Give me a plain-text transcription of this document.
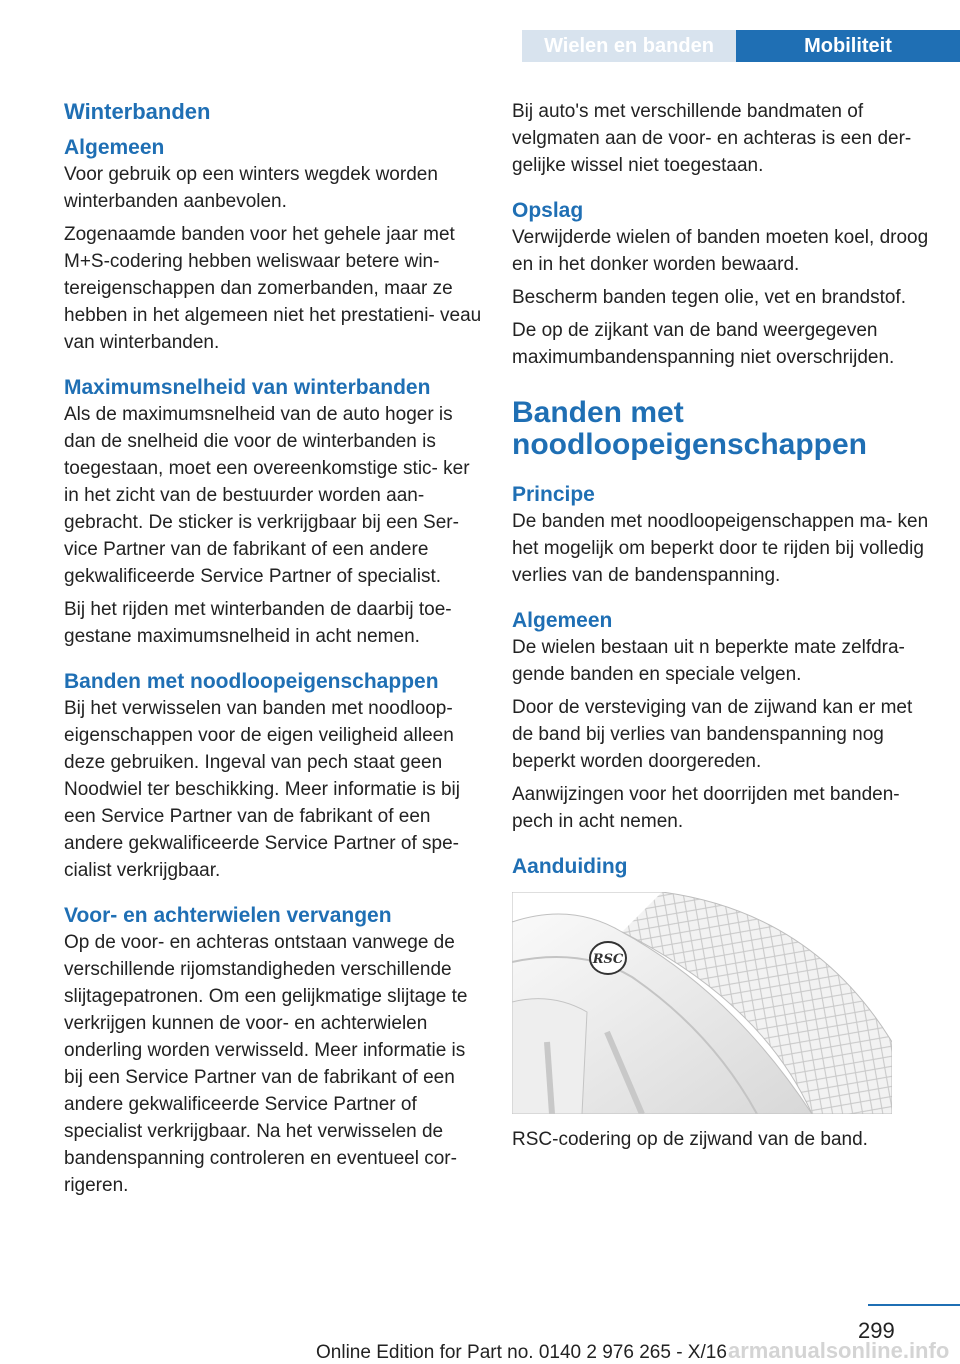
Wielen en banden	Mobiliteit
Winterbanden
Algemeen

Voor gebruik op een winters wegdek worden winterbanden aanbevolen.

Zogenaamde banden voor het gehele jaar met M+S-codering hebben weliswaar betere win- tereigenschappen dan zomerbanden, maar ze hebben in het algemeen niet het prestatieni- veau van winterbanden.

Maximumsnelheid van winterbanden

Als de maximumsnelheid van de auto hoger is dan de snelheid die voor de winterbanden is toegestaan, moet een overeenkomstige stic- ker in het zicht van de bestuurder worden aan- gebracht. De sticker is verkrijgbaar bij een Ser- vice Partner van de fabrikant of een andere gekwalificeerde Service Partner of specialist.

Bij het rijden met winterbanden de daarbij toe- gestane maximumsnelheid in acht nemen.

Banden met noodloopeigenschappen

Bij het verwisselen van banden met noodloop- eigenschappen voor de eigen veiligheid alleen deze gebruiken. Ingeval van pech staat geen Noodwiel ter beschikking. Meer informatie is bij een Service Partner van de fabrikant of een andere gekwalificeerde Service Partner of spe- cialist verkrijgbaar.

Voor- en achterwielen vervangen

Op de voor- en achteras ontstaan vanwege de verschillende rijomstandigheden verschillende slijtagepatronen. Om een gelijkmatige slijtage te verkrijgen kunnen de voor- en achterwielen onderling worden verwisseld. Meer informatie is bij een Service Partner van de fabrikant of een andere gekwalificeerde Service Partner of specialist verkrijgbaar. Na het verwisselen de bandenspanning controleren en eventueel cor- rigeren.

Bij auto's met verschillende bandmaten of velgmaten aan de voor- en achteras is een der- gelijke wissel niet toegestaan.

Opslag

Verwijderde wielen of banden moeten koel, droog en in het donker worden bewaard.

Bescherm banden tegen olie, vet en brandstof.

De op de zijkant van de band weergegeven maximumbandenspanning niet overschrijden.

Banden met noodloopeigenschappen
Principe

De banden met noodloopeigenschappen ma- ken het mogelijk om beperkt door te rijden bij volledig verlies van de bandenspanning.

Algemeen

De wielen bestaan uit n beperkte mate zelfdra- gende banden en speciale velgen.

Door de versteviging van de zijwand kan er met de band bij verlies van bandenspanning nog beperkt worden doorgereden.

Aanwijzingen voor het doorrijden met banden- pech in acht nemen.

Aanduiding
RSC

RSC-codering op de zijwand van de band.

299
Online Edition for Part no. 0140 2 976 265 - X/16 armanualsonline.info
